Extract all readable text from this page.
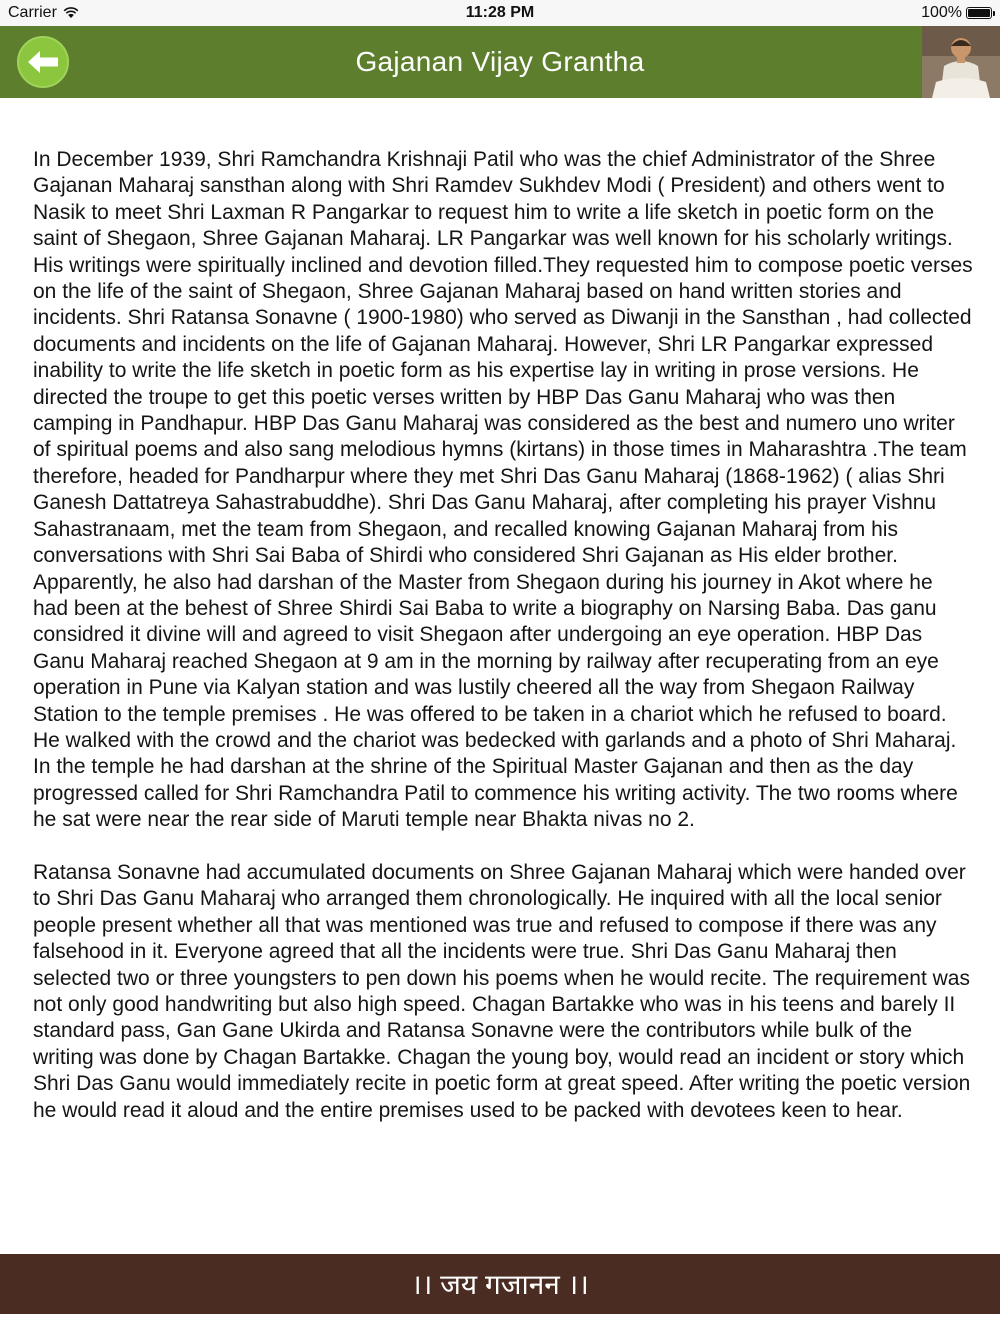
Carrier	11:28 PM	100%
Gajanan Vijay Grantha

In December 1939, Shri Ramchandra Krishnaji Patil who was the chief Administrator of the Shree Gajanan Maharaj sansthan along with Shri Ramdev Sukhdev Modi ( President) and others went to Nasik to meet Shri Laxman R Pangarkar to request him to write a life sketch in poetic form on the saint of Shegaon, Shree Gajanan Maharaj. LR Pangarkar was well known for his scholarly writings. His writings were spiritually inclined and devotion filled.They requested him to compose poetic verses on the life of the saint of Shegaon, Shree Gajanan Maharaj based on hand written stories and incidents. Shri Ratansa Sonavne ( 1900-1980) who served as Diwanji in the Sansthan , had collected documents and incidents on the life of Gajanan Maharaj. However, Shri LR Pangarkar expressed inability to write the life sketch in poetic form as his expertise lay in writing in prose versions. He directed the troupe to get this poetic verses written by HBP Das Ganu Maharaj who was then camping in Pandhapur. HBP Das Ganu Maharaj was considered as the best and numero uno writer of spiritual poems and also sang melodious hymns (kirtans) in those times in Maharashtra .The team therefore, headed for Pandharpur where they met Shri Das Ganu Maharaj (1868-1962) ( alias Shri Ganesh Dattatreya Sahastrabuddhe). Shri Das Ganu Maharaj, after completing his prayer Vishnu Sahastranaam, met the team from Shegaon, and recalled knowing Gajanan Maharaj from his conversations with Shri Sai Baba of Shirdi who considered Shri Gajanan as His elder brother. Apparently, he also had darshan of the Master from Shegaon during his journey in Akot where he had been at the behest of Shree Shirdi Sai Baba to write a biography on Narsing Baba. Das ganu considred it divine will and agreed to visit Shegaon after undergoing an eye operation. HBP Das Ganu Maharaj reached Shegaon at 9 am in the morning by railway after recuperating from an eye operation in Pune via Kalyan station and was lustily cheered all the way from Shegaon Railway Station to the temple premises . He was offered to be taken in a chariot which he refused to board. He walked with the crowd and the chariot was bedecked with garlands and a photo of Shri Maharaj. In the temple he had darshan at the shrine of the Spiritual Master Gajanan and then as the day progressed called for Shri Ramchandra Patil to commence his writing activity. The two rooms where he sat were near the rear side of Maruti temple near Bhakta nivas no 2.

Ratansa Sonavne had accumulated documents on Shree Gajanan Maharaj which were handed over to Shri Das Ganu Maharaj who arranged them chronologically. He inquired with all the local senior people present whether all that was mentioned was true and refused to compose if there was any falsehood in it. Everyone agreed that all the incidents were true. Shri Das Ganu Maharaj then selected two or three youngsters to pen down his poems when he would recite. The requirement was not only good handwriting but also high speed. Chagan Bartakke who was in his teens and barely II standard pass, Gan Gane Ukirda and Ratansa Sonavne were the contributors while bulk of the writing was done by Chagan Bartakke. Chagan the young boy, would read an incident or story which Shri Das Ganu would immediately recite in poetic form at great speed. After writing the poetic version he would read it aloud and the entire premises used to be packed with devotees keen to hear.

।। जय गजानन ।।
